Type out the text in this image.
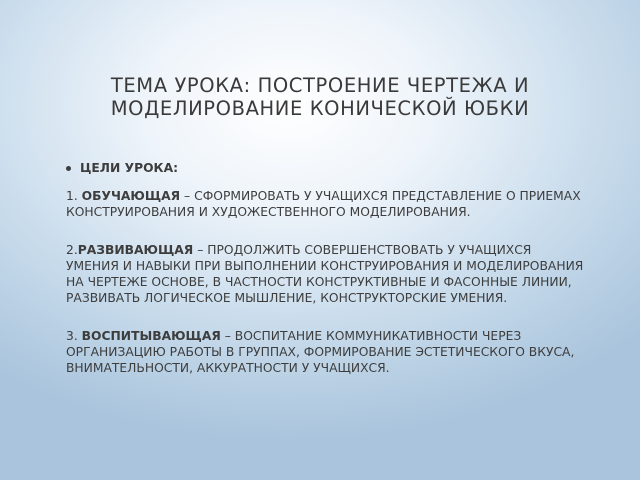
ТЕМА УРОКА: ПОСТРОЕНИЕ ЧЕРТЕЖА И
МОДЕЛИРОВАНИЕ КОНИЧЕСКОЙ ЮБКИ
ЦЕЛИ УРОКА:

1. ОБУЧАЮЩАЯ – СФОРМИРОВАТЬ У УЧАЩИХСЯ ПРЕДСТАВЛЕНИЕ О ПРИЕМАХ КОНСТРУИРОВАНИЯ И ХУДОЖЕСТВЕННОГО МОДЕЛИРОВАНИЯ.

2.РАЗВИВАЮЩАЯ – ПРОДОЛЖИТЬ СОВЕРШЕНСТВОВАТЬ У УЧАЩИХСЯ УМЕНИЯ И НАВЫКИ ПРИ ВЫПОЛНЕНИИ КОНСТРУИРОВАНИЯ И МОДЕЛИРОВАНИЯ НА ЧЕРТЕЖЕ ОСНОВЕ, В ЧАСТНОСТИ КОНСТРУКТИВНЫЕ И ФАСОННЫЕ ЛИНИИ, РАЗВИВАТЬ ЛОГИЧЕСКОЕ МЫШЛЕНИЕ, КОНСТРУКТОРСКИЕ УМЕНИЯ.

3. ВОСПИТЫВАЮЩАЯ – ВОСПИТАНИЕ КОММУНИКАТИВНОСТИ ЧЕРЕЗ ОРГАНИЗАЦИЮ РАБОТЫ В ГРУППАХ, ФОРМИРОВАНИЕ ЭСТЕТИЧЕСКОГО ВКУСА, ВНИМАТЕЛЬНОСТИ, АККУРАТНОСТИ У УЧАЩИХСЯ.
